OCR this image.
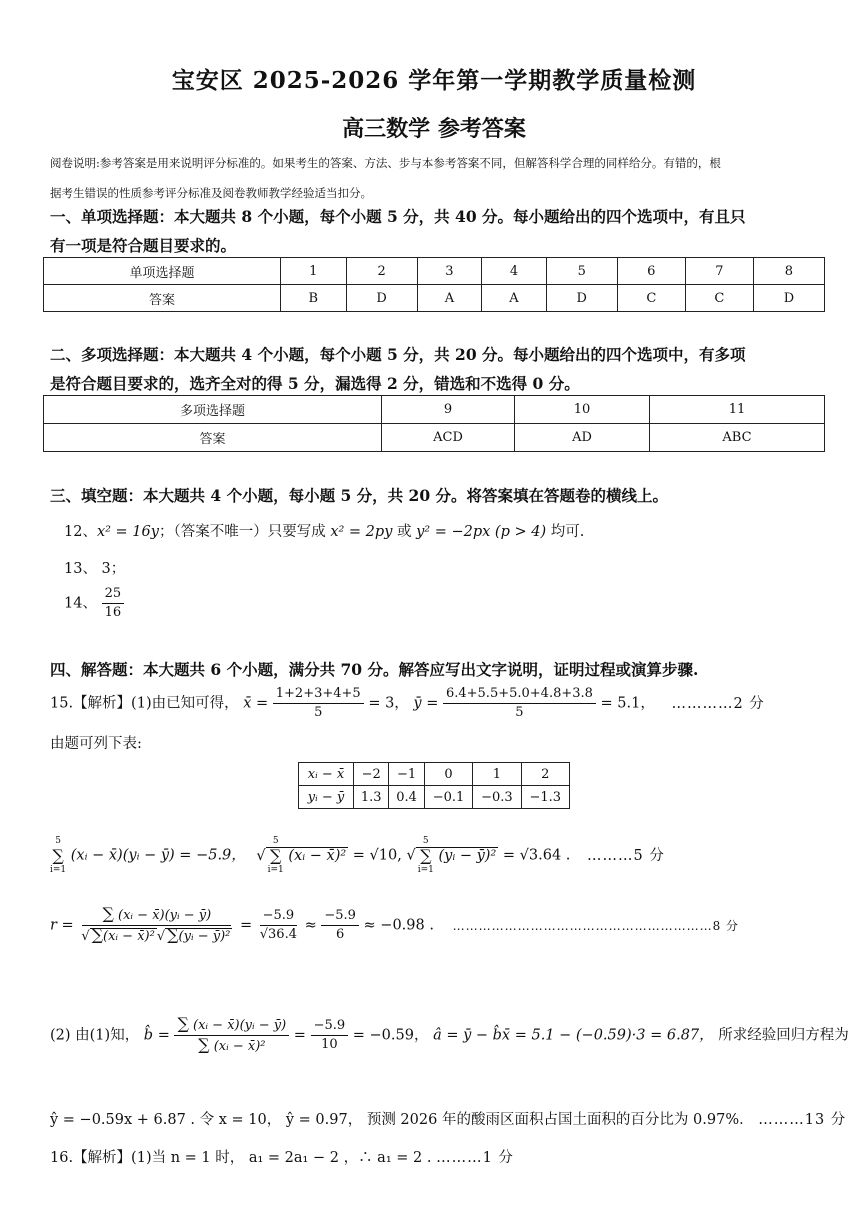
宝安区 2025-2026 学年第一学期教学质量检测
高三数学 参考答案
阅卷说明:参考答案是用来说明评分标准的。如果考生的答案、方法、步与本参考答案不同，但解答科学合理的同样给分。有错的，根
据考生错误的性质参考评分标准及阅卷教师教学经验适当扣分。
一、单项选择题：本大题共 8 个小题，每个小题 5 分，共 40 分。每小题给出的四个选项中，有且只
有一项是符合题目要求的。
单项选择题	1	2	3	4	5	6	7	8
答案	B	D	A	A	D	C	C	D
二、多项选择题：本大题共 4 个小题，每个小题 5 分，共 20 分。每小题给出的四个选项中，有多项
是符合题目要求的，选齐全对的得 5 分，漏选得 2 分，错选和不选得 0 分。
多项选择题	9	10	11
答案	ACD	AD	ABC
三、填空题：本大题共 4 个小题，每小题 5 分，共 20 分。将答案填在答题卷的横线上。
12、x² = 16y；（答案不唯一）只要写成 x² = 2py 或 y² = −2px (p > 4) 均可.
13、 3；
14、 $\frac{25}{16}$
四、解答题：本大题共 6 个小题，满分共 70 分。解答应写出文字说明，证明过程或演算步骤.
15.【解析】(1)由已知可得， x̄ = $\frac{1+2+3+4+5}{5} = 3$， ȳ = $\frac{6.4+5.5+5.0+4.8+3.8}{5} = 5.1$， …………2 分
由题可列下表:
xᵢ − x̄	−2	−1	0	1	2
yᵢ − ȳ	1.3	0.4	−0.1	−0.3	−1.3
5
∑
i=1
(xᵢ − x̄)(yᵢ − ȳ) = −5.9， √
5
∑
i=1
(xᵢ − x̄)² = √10, √
5
∑
i=1
(yᵢ − ȳ)² = √3.64 . ………5 分
$r = \frac{\text{∑ (xᵢ − x̄)(yᵢ − ȳ)}}{\text{√ ∑(xᵢ − x̄)² √ ∑(yᵢ − ȳ)²}} = \frac{-5.9}{√36.4} \approx \frac{-5.9}{6} \approx -0.98$ . ……………………………………………………8 分
(2) 由(1)知， b̂ = $\frac{\text{∑ (xᵢ − x̄)(yᵢ − ȳ)}}{\text{∑ (xᵢ − x̄)²}} = \frac{-5.9}{10} = -0.59$， â = ȳ − b̂x̄ = 5.1 − (−0.59)·3 = 6.87， 所求经验回归方程为
ŷ = −0.59x + 6.87 . 令 x = 10， ŷ = 0.97， 预测 2026 年的酸雨区面积占国土面积的百分比为 0.97%． ………13 分
16.【解析】(1)当 n = 1 时， a₁ = 2a₁ − 2 ，∴ a₁ = 2 . ………1 分
